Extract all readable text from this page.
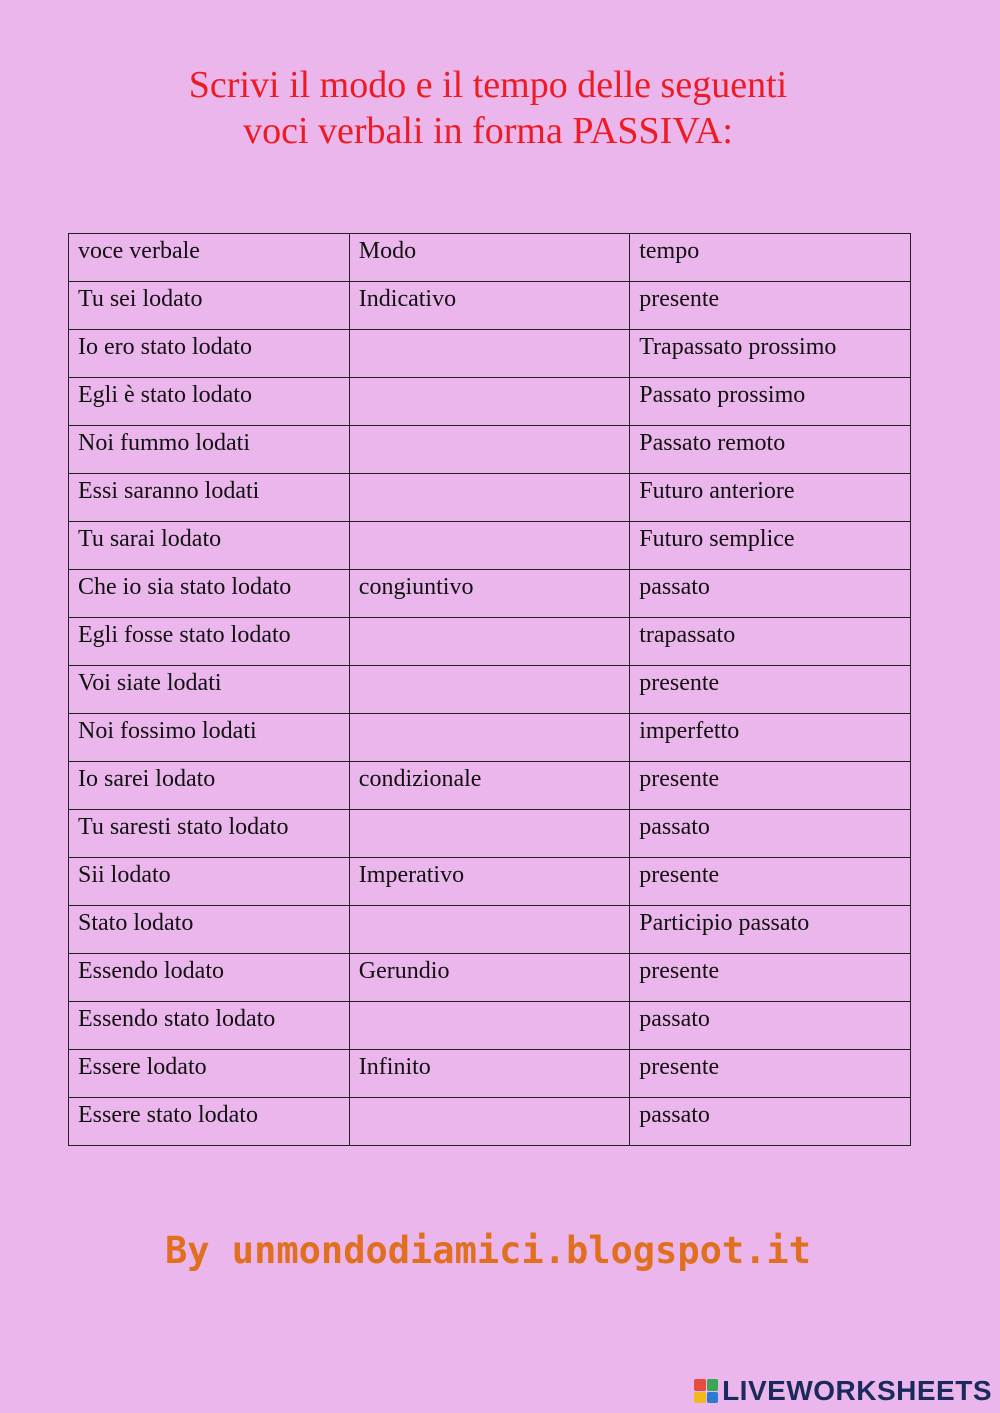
Scrivi il modo e il tempo delle seguenti
voci verbali in forma PASSIVA:
voce verbale	Modo	tempo
Tu sei lodato	Indicativo	presente
Io ero stato lodato		Trapassato prossimo
Egli è stato lodato		Passato prossimo
Noi fummo lodati		Passato remoto
Essi saranno lodati		Futuro anteriore
Tu sarai lodato		Futuro semplice
Che io sia stato lodato	congiuntivo	passato
Egli fosse stato lodato		trapassato
Voi siate lodati		presente
Noi fossimo lodati		imperfetto
Io sarei lodato	condizionale	presente
Tu saresti stato lodato		passato
Sii lodato	Imperativo	presente
Stato lodato		Participio passato
Essendo lodato	Gerundio	presente
Essendo stato lodato		passato
Essere lodato	Infinito	presente
Essere stato lodato		passato
By unmondodiamici.blogspot.it
LIVEWORKSHEETS
